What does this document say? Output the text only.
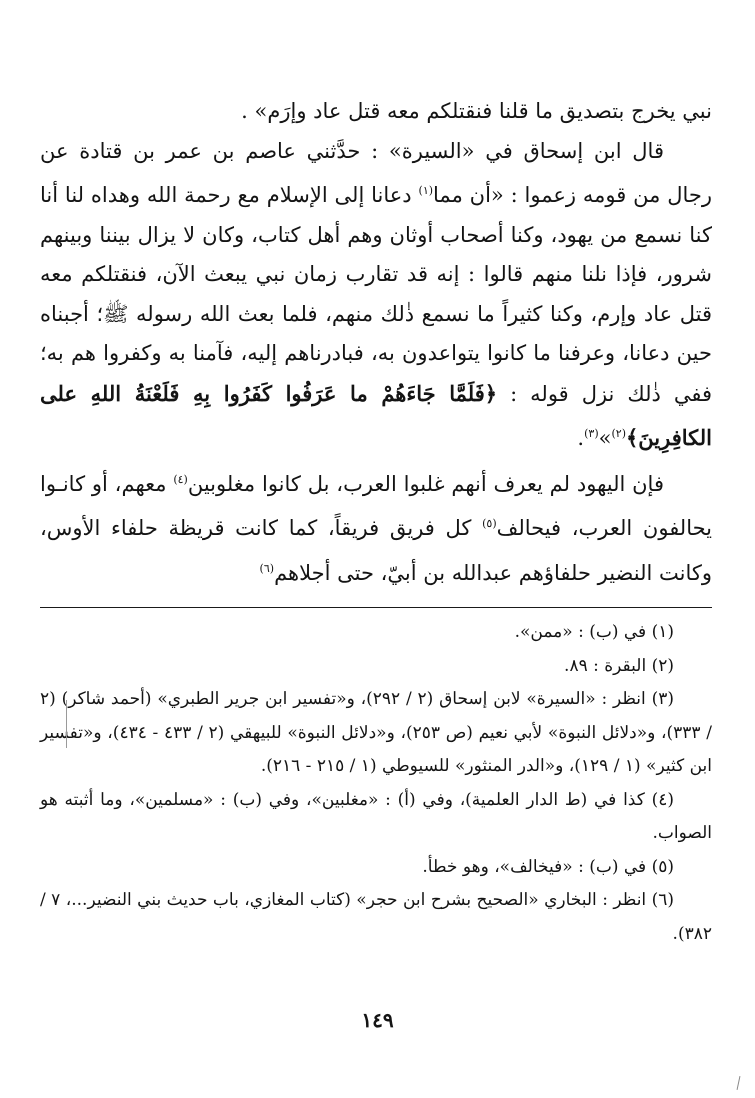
نبي يخرج بتصديق ما قلنا فنقتلكم معه قتل عاد وإرَم» .

قال ابن إسحاق في «السيرة» : حدَّثني عاصم بن عمر بن قتادة عن رجال من قومه زعموا : «أن مما$^{(١)}$ دعانا إلى الإسلام مع رحمة الله وهداه لنا أنا كنا نسمع من يهود، وكنا أصحاب أوثان وهم أهل كتاب، وكان لا يزال بيننا وبينهم شرور، فإذا نلنا منهم قالوا : إنه قد تقارب زمان نبي يبعث الآن، فنقتلكم معه قتل عاد وإرم، وكنا كثيراً ما نسمع ذٰلك منهم، فلما بعث الله رسوله ﷺ؛ أجبناه حين دعانا، وعرفنا ما كانوا يتواعدون به، فبادرناهم إليه، فآمنا به وكفروا هم به؛ ففي ذٰلك نزل قوله : ﴿فَلَمَّا جَاءَهُمْ ما عَرَفُوا كَفَرُوا بِهِ فَلَعْنَةُ اللهِ على الكافِرِينَ﴾$^{(٢)}$»$^{(٣)}$.

فإن اليهود لم يعرف أنهم غلبوا العرب، بل كانوا مغلوبين$^{(٤)}$ معهم، أو كانـوا يحالفون العرب، فيحالف$^{(٥)}$ كل فريق فريقاً، كما كانت قريظة حلفاء الأوس، وكانت النضير حلفاؤهم عبدالله بن أبيّ، حتى أجلاهم$^{(٦)}$

(١) في (ب) : «ممن».

(٢) البقرة : ٨٩.

(٣) انظر : «السيرة» لابن إسحاق (٢ / ٢٩٢)، و«تفسير ابن جرير الطبري» (أحمد شاكر) (٢ / ٣٣٣)، و«دلائل النبوة» لأبي نعيم (ص ٢٥٣)، و«دلائل النبوة» للبيهقي (٢ / ٤٣٣ - ٤٣٤)، و«تفسير ابن كثير» (١ / ١٢٩)، و«الدر المنثور» للسيوطي (١ / ٢١٥ - ٢١٦).

(٤) كذا في (ط الدار العلمية)، وفي (أ) : «مغلبين»، وفي (ب) : «مسلمين»، وما أثبته هو الصواب.

(٥) في (ب) : «فيخالف»، وهو خطأ.

(٦) انظر : البخاري «الصحيح بشرح ابن حجر» (كتاب المغازي، باب حديث بني النضير...، ٧ / ٣٨٢).

١٤٩
